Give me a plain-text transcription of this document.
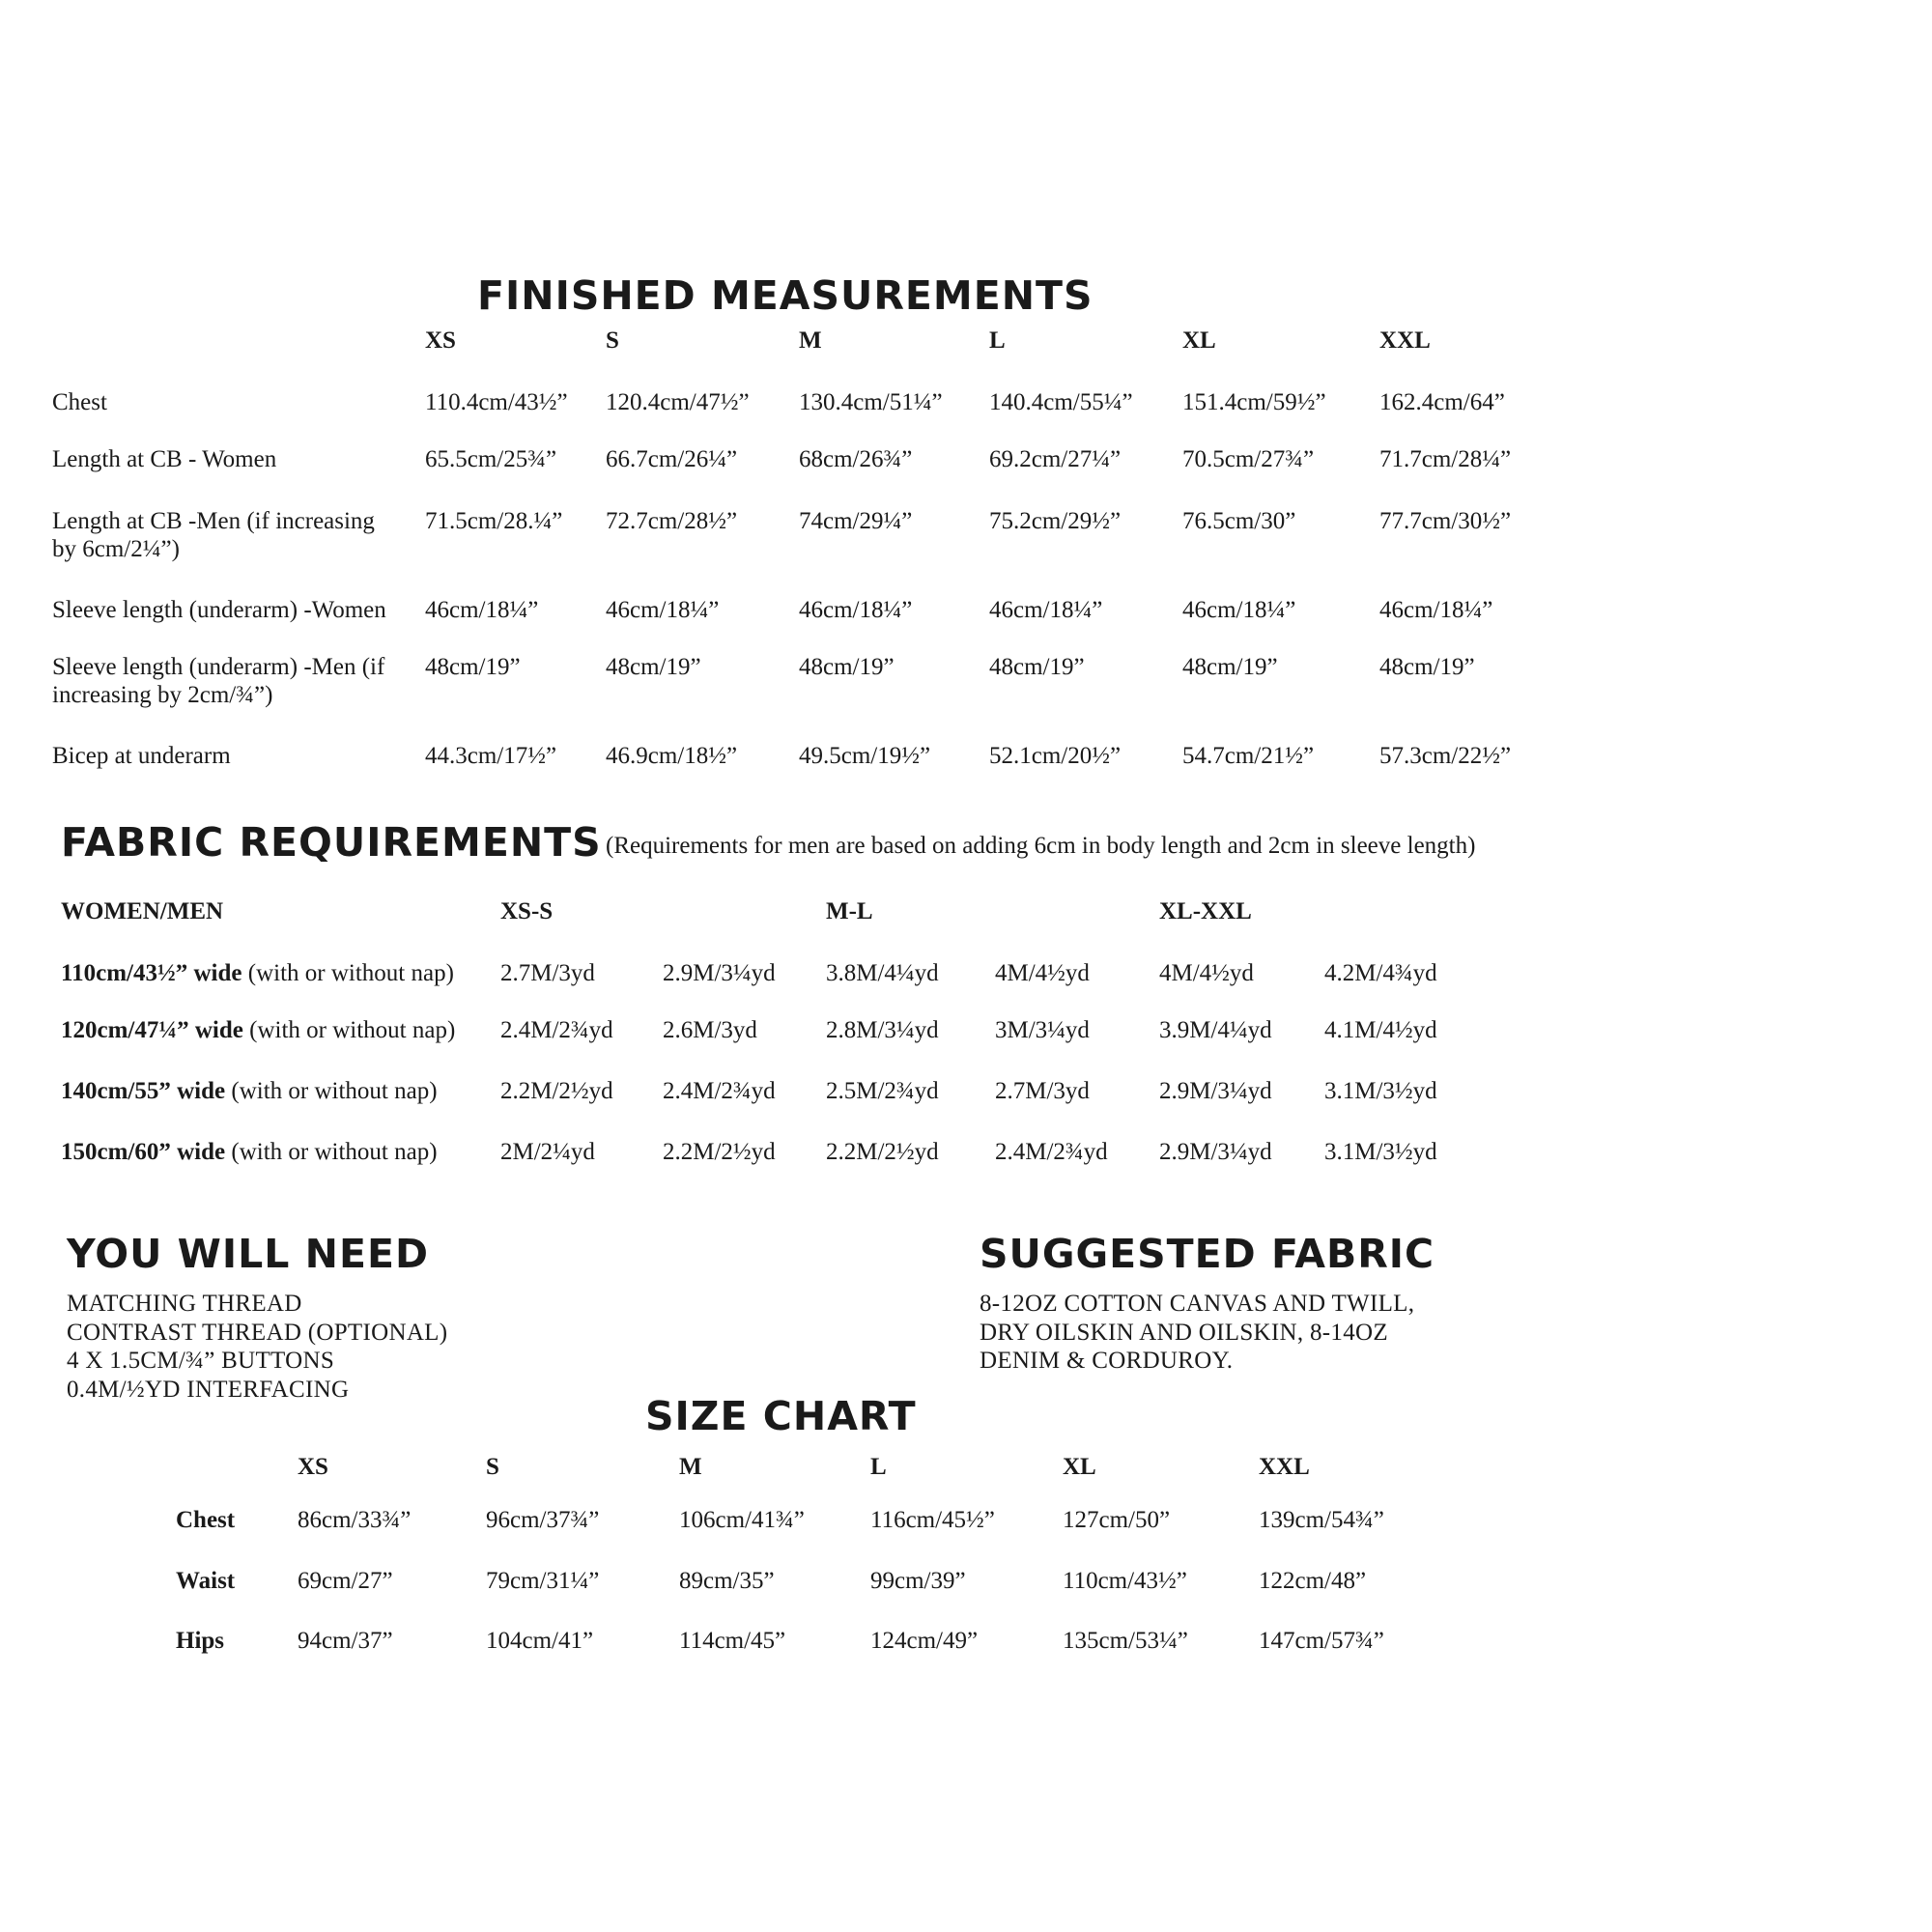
FINISHED MEASUREMENTS
XS	S	M	L	XL	XXL
Chest	110.4cm/43½” 120.4cm/47½” 130.4cm/51¼” 140.4cm/55¼” 151.4cm/59½” 162.4cm/64”
Length at CB - Women	65.5cm/25¾” 66.7cm/26¼”	68cm/26¾”	69.2cm/27¼”	70.5cm/27¾”	71.7cm/28¼”
Length at CB -Men (if increasing
by 6cm/2¼”)
71.5cm/28.¼” 72.7cm/28½”	74cm/29¼”	75.2cm/29½”	76.5cm/30”	77.7cm/30½”
Sleeve length (underarm) -Women 46cm/18¼”	46cm/18¼”	46cm/18¼”	46cm/18¼”	46cm/18¼”	46cm/18¼”
Sleeve length (underarm) -Men (if
increasing by 2cm/¾”)
48cm/19”	48cm/19”	48cm/19”	48cm/19”	48cm/19”	48cm/19”
Bicep at underarm	44.3cm/17½” 46.9cm/18½”	49.5cm/19½” 52.1cm/20½”	54.7cm/21½”	57.3cm/22½”
FABRIC REQUIREMENTS (Requirements for men are based on adding 6cm in body length and 2cm in sleeve length)
WOMEN/MEN	XS-S	M-L	XL-XXL
110cm/43½” wide (with or without nap) 2.7M/3yd	2.9M/3¼yd 3.8M/4¼yd 4M/4½yd	4M/4½yd	4.2M/4¾yd
120cm/47¼” wide (with or without nap) 2.4M/2¾yd 2.6M/3yd	2.8M/3¼yd 3M/3¼yd	3.9M/4¼yd 4.1M/4½yd
140cm/55” wide (with or without nap)	2.2M/2½yd 2.4M/2¾yd 2.5M/2¾yd 2.7M/3yd	2.9M/3¼yd 3.1M/3½yd
150cm/60” wide (with or without nap)	2M/2¼yd	2.2M/2½yd 2.2M/2½yd 2.4M/2¾yd 2.9M/3¼yd 3.1M/3½yd
YOU WILL NEED
MATCHING THREAD
CONTRAST THREAD (OPTIONAL)
4 X 1.5CM/¾” BUTTONS
0.4M/½YD INTERFACING
SUGGESTED FABRIC
8-12OZ COTTON CANVAS AND TWILL,
DRY OILSKIN AND OILSKIN, 8-14OZ
DENIM & CORDUROY.
SIZE CHART
XS	S	M	L	XL	XXL
Chest	86cm/33¾”	96cm/37¾”	106cm/41¾”	116cm/45½”	127cm/50”	139cm/54¾”
Waist	69cm/27”	79cm/31¼”	89cm/35”	99cm/39”	110cm/43½”	122cm/48”
Hips	94cm/37”	104cm/41”	114cm/45”	124cm/49”	135cm/53¼”	147cm/57¾”
